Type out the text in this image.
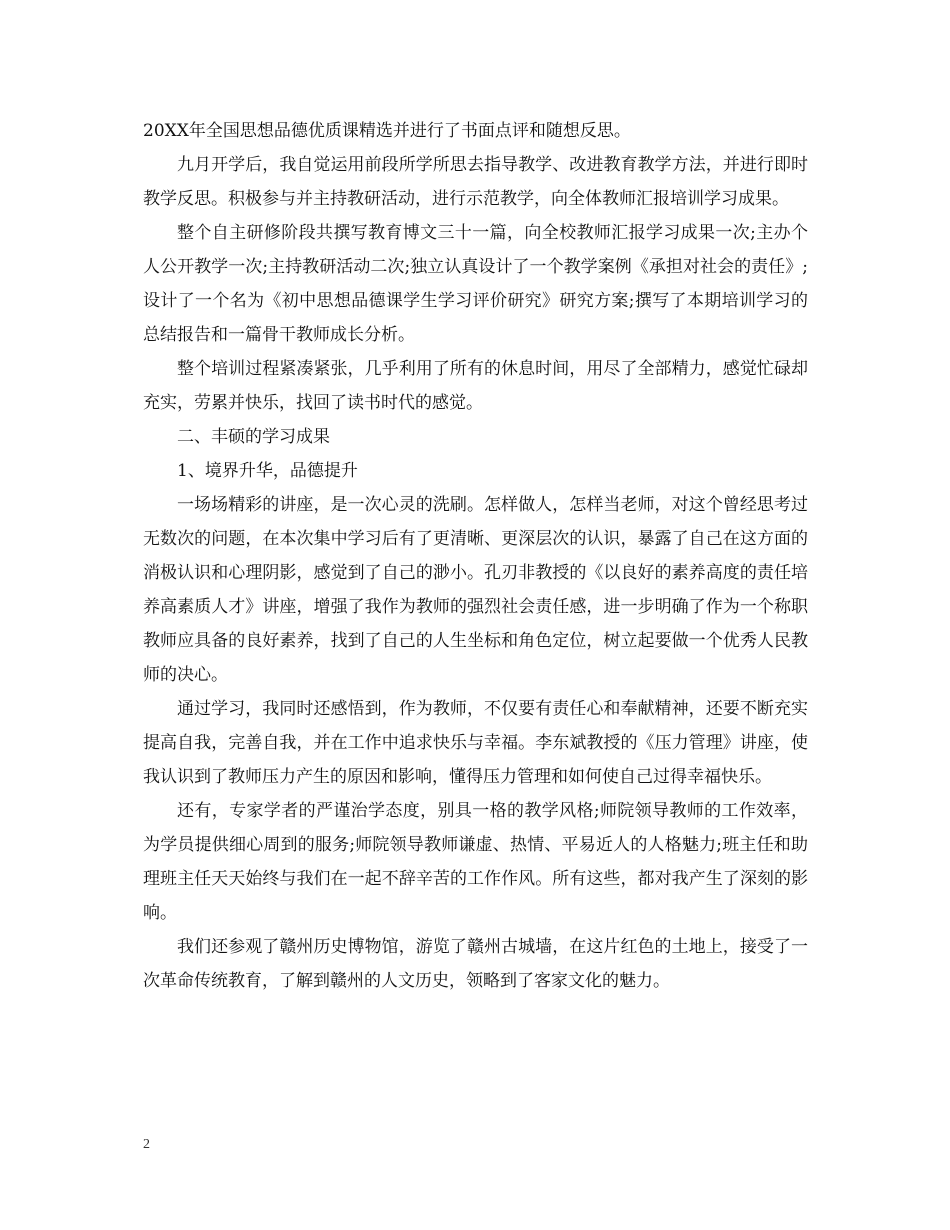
20XX年全国思想品德优质课精选并进行了书面点评和随想反思。

九月开学后，我自觉运用前段所学所思去指导教学、改进教育教学方法，并进行即时教学反思。积极参与并主持教研活动，进行示范教学，向全体教师汇报培训学习成果。

整个自主研修阶段共撰写教育博文三十一篇，向全校教师汇报学习成果一次;主办个人公开教学一次;主持教研活动二次;独立认真设计了一个教学案例《承担对社会的责任》;设计了一个名为《初中思想品德课学生学习评价研究》研究方案;撰写了本期培训学习的总结报告和一篇骨干教师成长分析。

整个培训过程紧凑紧张，几乎利用了所有的休息时间，用尽了全部精力，感觉忙碌却充实，劳累并快乐，找回了读书时代的感觉。

二、丰硕的学习成果

1、境界升华，品德提升

一场场精彩的讲座，是一次心灵的洗刷。怎样做人，怎样当老师，对这个曾经思考过无数次的问题，在本次集中学习后有了更清晰、更深层次的认识，暴露了自己在这方面的消极认识和心理阴影，感觉到了自己的渺小。孔刃非教授的《以良好的素养高度的责任培养高素质人才》讲座，增强了我作为教师的强烈社会责任感，进一步明确了作为一个称职教师应具备的良好素养，找到了自己的人生坐标和角色定位，树立起要做一个优秀人民教师的决心。

通过学习，我同时还感悟到，作为教师，不仅要有责任心和奉献精神，还要不断充实提高自我，完善自我，并在工作中追求快乐与幸福。李东斌教授的《压力管理》讲座，使我认识到了教师压力产生的原因和影响，懂得压力管理和如何使自己过得幸福快乐。

还有，专家学者的严谨治学态度，别具一格的教学风格;师院领导教师的工作效率，为学员提供细心周到的服务;师院领导教师谦虚、热情、平易近人的人格魅力;班主任和助理班主任天天始终与我们在一起不辞辛苦的工作作风。所有这些，都对我产生了深刻的影响。

我们还参观了赣州历史博物馆，游览了赣州古城墙，在这片红色的土地上，接受了一次革命传统教育，了解到赣州的人文历史，领略到了客家文化的魅力。

2
